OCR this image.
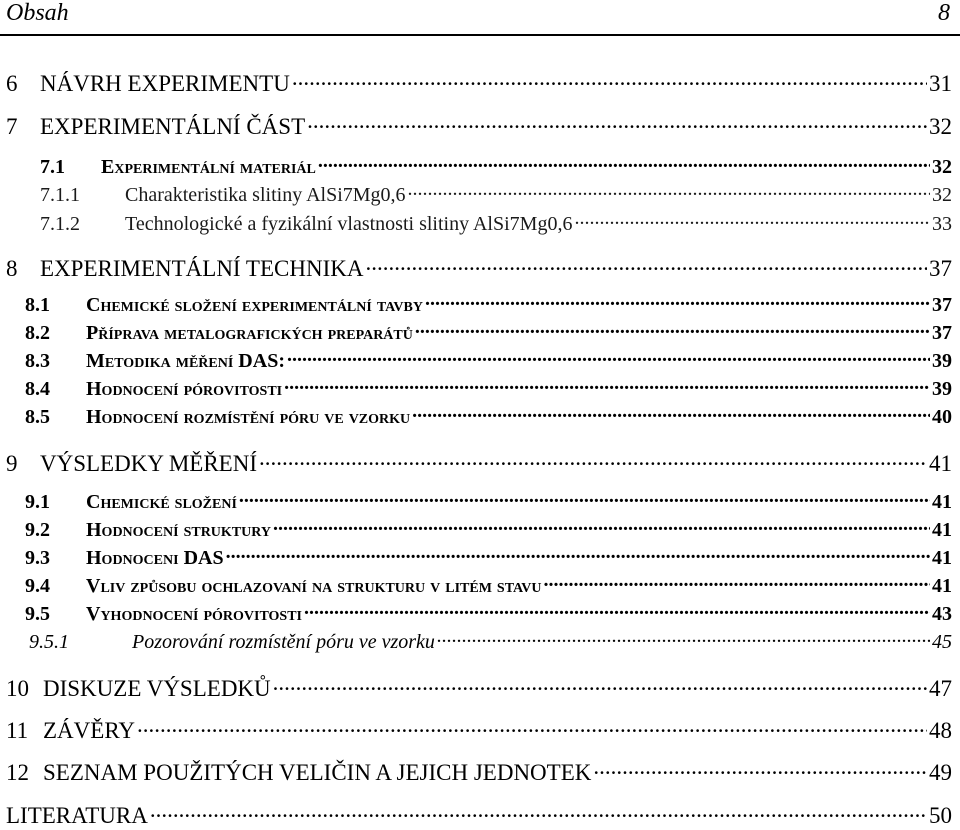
Obsah	8
6 NÁVRH EXPERIMENTU .....	31
7 EXPERIMENTÁLNÍ ČÁST .....	32
7.1	Experimentální materiál .....	32
7.1.1	Charakteristika slitiny AlSi7Mg0,6 .....	32
7.1.2	Technologické a fyzikální vlastnosti slitiny AlSi7Mg0,6 .....	33
8 EXPERIMENTÁLNÍ TECHNIKA .....	37
8.1	Chemické složení experimentální tavby .....	37
8.2	Příprava metalografických preparátů .....	37
8.3	Metodika měření DAS: .....	39
8.4	Hodnocení pórovitosti .....	39
8.5	Hodnocení rozmístění póru ve vzorku .....	40
9 VÝSLEDKY MĚŘENÍ .....	41
9.1	Chemické složení .....	41
9.2	Hodnocení struktury .....	41
9.3	Hodnoceni DAS .....	41
9.4	Vliv způsobu ochlazovaní na strukturu v litém stavu .....	41
9.5	Vyhodnocení pórovitosti .....	43
9.5.1	Pozorování rozmístění póru ve vzorku .....	45
10 DISKUZE VÝSLEDKŮ .....	47
11 ZÁVĚRY .....	48
12 SEZNAM POUŽITÝCH VELIČIN A JEJICH JEDNOTEK .....	49
LITERATURA .....	50
